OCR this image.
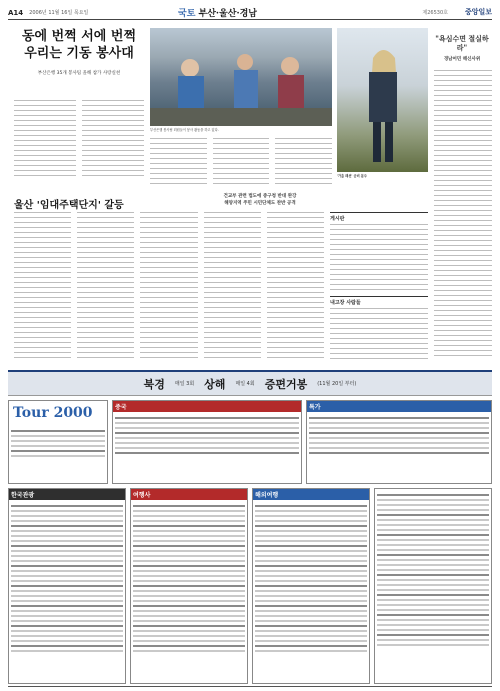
A14 2006년 11월 16일 목요일	국토 부산·울산·경남	제26530호 중앙일보
동에 번쩍 서에 번쩍
우리는 기동 봉사대
부산은행 35개 봉사팀 올해 참가 사랑실천
부산은행 봉사팀 회원들이 봉사 활동을 하고 있다.
'가을 패션' 준비 분주
"욕심수면 절실하라"
경남어민 해신사위
울산 '임대주택단지' 갈등
건교부 관련 법도에 중구청 반대 완강
해양지역 주민 시민단체도 찬반 공격
게시판
내고장 사람들
북경 매일 3회 상해 매일 4회 증편거봉 (11월 20일 부터)
Tour 2000	중국	특가
한국관광	여행사	해외여행
